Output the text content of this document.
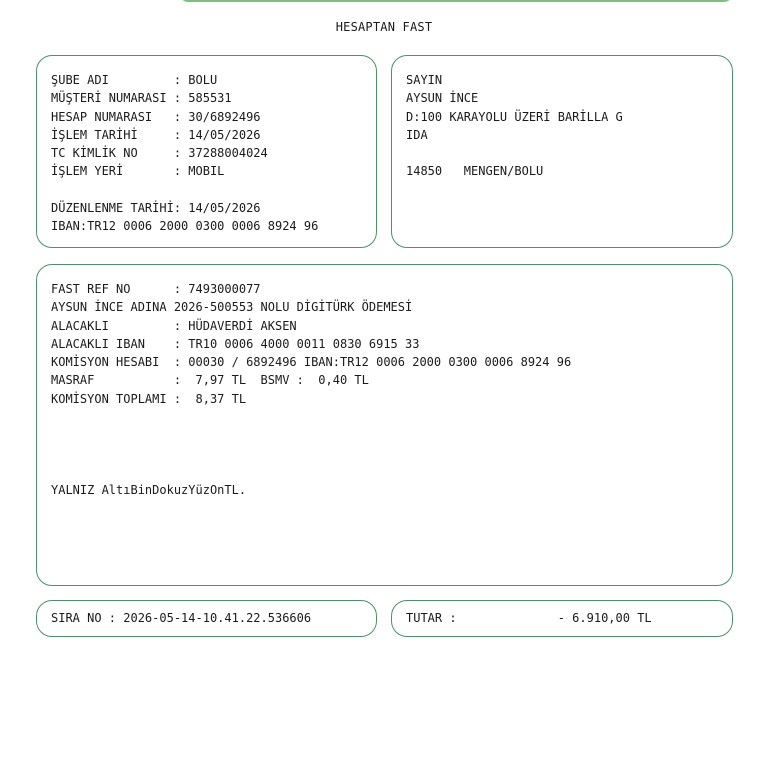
HESAPTAN FAST
ŞUBE ADI         : BOLU
MÜŞTERİ NUMARASI : 585531
HESAP NUMARASI   : 30/6892496
İŞLEM TARİHİ     : 14/05/2026
TC KİMLİK NO     : 37288004024
İŞLEM YERİ       : MOBIL
DÜZENLENME TARİHİ: 14/05/2026
IBAN:TR12 0006 2000 0300 0006 8924 96
SAYIN
AYSUN İNCE
D:100 KARAYOLU ÜZERİ BARİLLA G
IDA
14850   MENGEN/BOLU
FAST REF NO      : 7493000077
AYSUN İNCE ADINA 2026-500553 NOLU DİGİTÜRK ÖDEMESİ
ALACAKLI         : HÜDAVERDİ AKSEN
ALACAKLI IBAN    : TR10 0006 4000 0011 0830 6915 33
KOMİSYON HESABI  : 00030 / 6892496 IBAN:TR12 0006 2000 0300 0006 8924 96
MASRAF           :  7,97 TL  BSMV :  0,40 TL
KOMİSYON TOPLAMI :  8,37 TL
YALNIZ AltıBinDokuzYüzOnTL.
SIRA NO : 2026-05-14-10.41.22.536606	TUTAR :              - 6.910,00 TL
